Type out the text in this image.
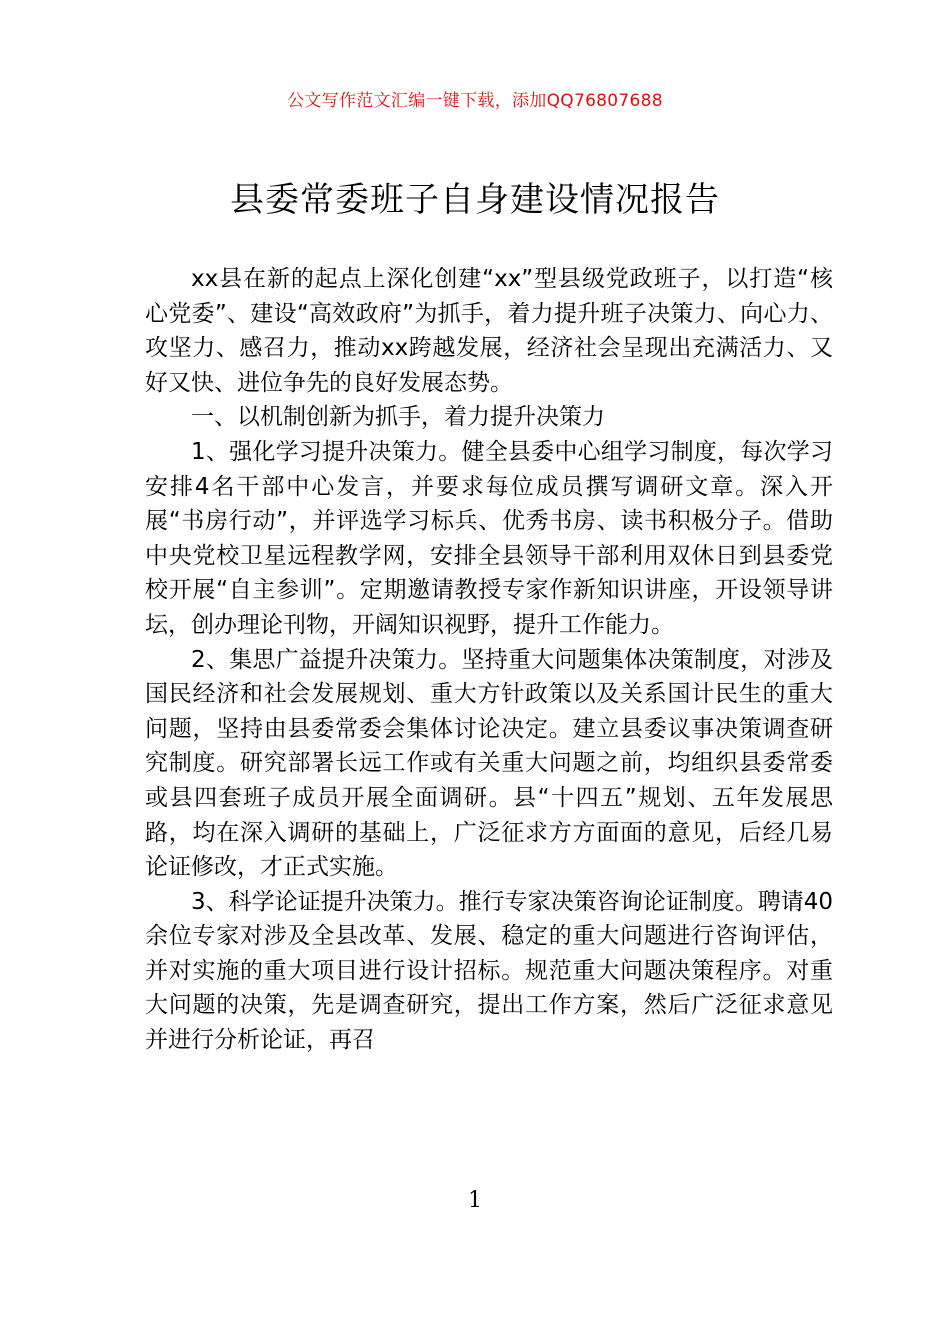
公文写作范文汇编一键下载，添加QQ76807688
县委常委班子自身建设情况报告

xx县在新的起点上深化创建“xx”型县级党政班子，以打造“核心党委”、建设“高效政府”为抓手，着力提升班子决策力、向心力、攻坚力、感召力，推动xx跨越发展，经济社会呈现出充满活力、又好又快、进位争先的良好发展态势。

一、以机制创新为抓手，着力提升决策力

1、强化学习提升决策力。健全县委中心组学习制度，每次学习安排4名干部中心发言，并要求每位成员撰写调研文章。深入开展“书房行动”，并评选学习标兵、优秀书房、读书积极分子。借助中央党校卫星远程教学网，安排全县领导干部利用双休日到县委党校开展“自主参训”。定期邀请教授专家作新知识讲座，开设领导讲坛，创办理论刊物，开阔知识视野，提升工作能力。

2、集思广益提升决策力。坚持重大问题集体决策制度，对涉及国民经济和社会发展规划、重大方针政策以及关系国计民生的重大问题，坚持由县委常委会集体讨论决定。建立县委议事决策调查研究制度。研究部署长远工作或有关重大问题之前，均组织县委常委或县四套班子成员开展全面调研。县“十四五”规划、五年发展思路，均在深入调研的基础上，广泛征求方方面面的意见，后经几易论证修改，才正式实施。

3、科学论证提升决策力。推行专家决策咨询论证制度。聘请40余位专家对涉及全县改革、发展、稳定的重大问题进行咨询评估，并对实施的重大项目进行设计招标。规范重大问题决策程序。对重大问题的决策，先是调查研究，提出工作方案，然后广泛征求意见并进行分析论证，再召

1
